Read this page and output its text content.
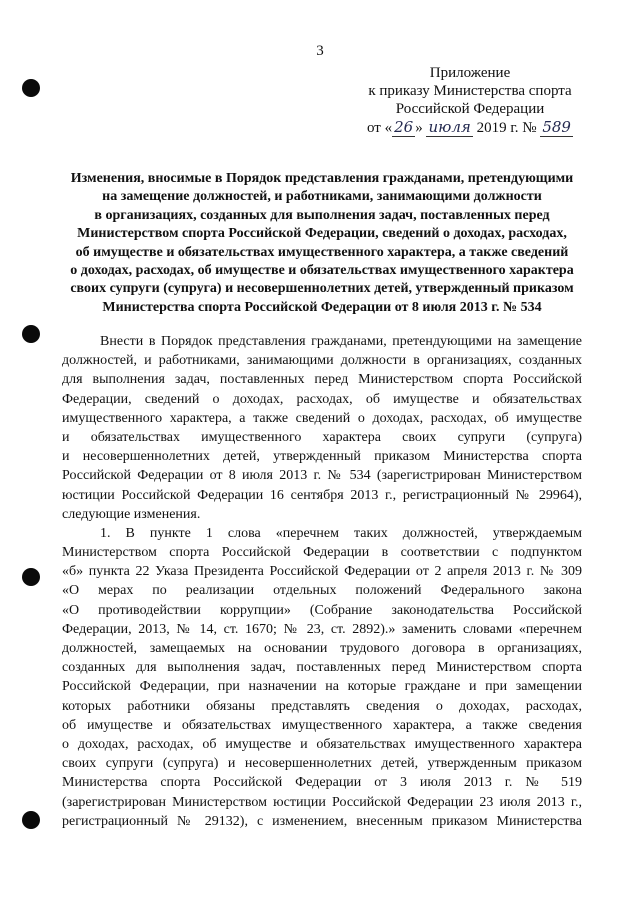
3
Приложение
к приказу Министерства спорта
Российской Федерации
от « 26 » июля 2019 г. № 589
Изменения, вносимые в Порядок представления гражданами, претендующими
на замещение должностей, и работниками, занимающими должности
в организациях, созданных для выполнения задач, поставленных перед
Министерством спорта Российской Федерации, сведений о доходах, расходах,
об имуществе и обязательствах имущественного характера, а также сведений
о доходах, расходах, об имуществе и обязательствах имущественного характера
своих супруги (супруга) и несовершеннолетних детей, утвержденный приказом
Министерства спорта Российской Федерации от 8 июля 2013 г. № 534
Внести в Порядок представления гражданами, претендующими на замещение
должностей, и работниками, занимающими должности в организациях, созданных
для выполнения задач, поставленных перед Министерством спорта Российской
Федерации, сведений о доходах, расходах, об имуществе и обязательствах
имущественного характера, а также сведений о доходах, расходах, об имуществе
и обязательствах имущественного характера своих супруги (супруга)
и несовершеннолетних детей, утвержденный приказом Министерства спорта
Российской Федерации от 8 июля 2013 г. № 534 (зарегистрирован Министерством
юстиции Российской Федерации 16 сентября 2013 г., регистрационный № 29964),
следующие изменения.
1. В пункте 1 слова «перечнем таких должностей, утверждаемым
Министерством спорта Российской Федерации в соответствии с подпунктом
«б» пункта 22 Указа Президента Российской Федерации от 2 апреля 2013 г. № 309
«О мерах по реализации отдельных положений Федерального закона
«О противодействии коррупции» (Собрание законодательства Российской
Федерации, 2013, № 14, ст. 1670; № 23, ст. 2892).» заменить словами «перечнем
должностей, замещаемых на основании трудового договора в организациях,
созданных для выполнения задач, поставленных перед Министерством спорта
Российской Федерации, при назначении на которые граждане и при замещении
которых работники обязаны представлять сведения о доходах, расходах,
об имуществе и обязательствах имущественного характера, а также сведения
о доходах, расходах, об имуществе и обязательствах имущественного характера
своих супруги (супруга) и несовершеннолетних детей, утвержденным приказом
Министерства спорта Российской Федерации от 3 июля 2013 г. № 519
(зарегистрирован Министерством юстиции Российской Федерации 23 июля 2013 г.,
регистрационный № 29132), с изменением, внесенным приказом Министерства
